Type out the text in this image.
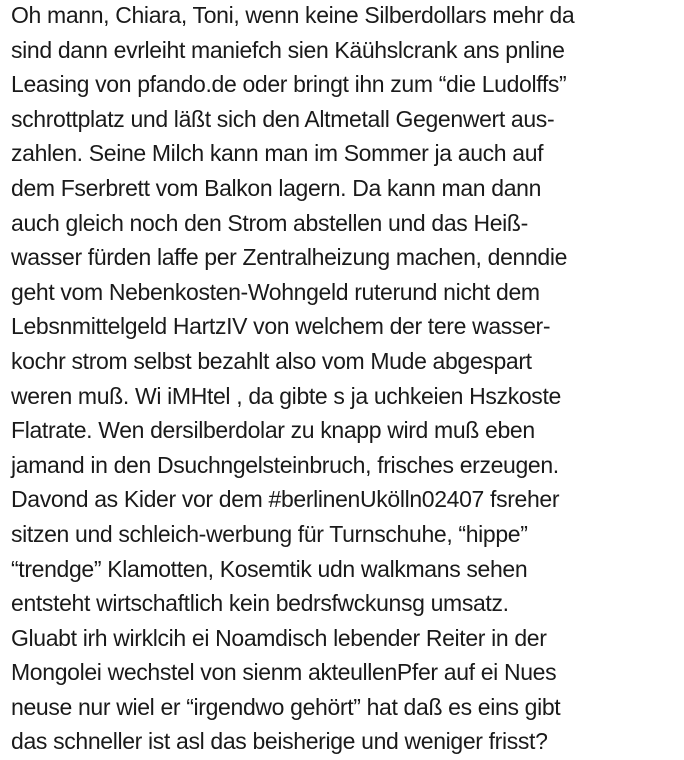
Oh mann, Chiara, Toni, wenn keine Silberdollars mehr da
sind dann evrleiht maniefch sien Käühslcrank ans pnline
Leasing von pfando.de oder bringt ihn zum “die Ludolffs”
schrottplatz und läßt sich den Altmetall Gegenwert aus-
zahlen. Seine Milch kann man im Sommer ja auch auf
dem Fserbrett vom Balkon lagern. Da kann man dann
auch gleich noch den Strom abstellen und das Heiß-
wasser fürden laffe per Zentralheizung machen, denndie
geht vom Nebenkosten-Wohngeld ruterund nicht dem
Lebsnmittelgeld HartzIV von welchem der tere wasser-
kochr strom selbst bezahlt also vom Mude abgespart
weren muß. Wi iMHtel , da gibte s ja uchkeien Hszkoste
Flatrate. Wen dersilberdolar zu knapp wird muß eben
jamand in den Dsuchngelsteinbruch, frisches erzeugen.
Davond as Kider vor dem #berlinenUkölln02407 fsreher
sitzen und schleich-werbung für Turnschuhe, “hippe”
“trendge” Klamotten, Kosemtik udn walkmans sehen
entsteht wirtschaftlich kein bedrsfwckunsg umsatz.
Gluabt irh wirklcih ei Noamdisch lebender Reiter in der
Mongolei wechstel von sienm akteullenPfer auf ei Nues
neuse nur wiel er “irgendwo gehört” hat daß es eins gibt
das schneller ist asl das beisherige und weniger frisst?
